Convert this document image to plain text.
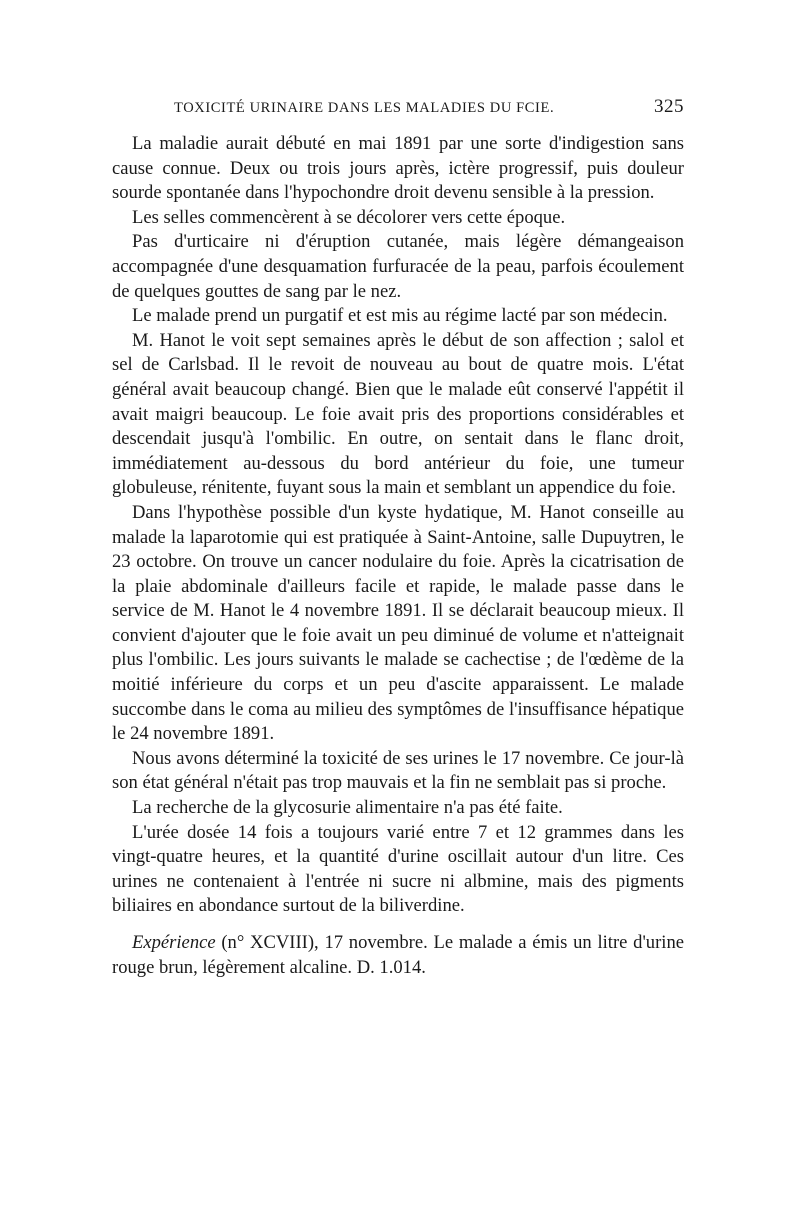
TOXICITÉ URINAIRE DANS LES MALADIES DU FCIE.	325

La maladie aurait débuté en mai 1891 par une sorte d'indigestion sans cause connue. Deux ou trois jours après, ictère progressif, puis douleur sourde spontanée dans l'hypochondre droit devenu sensible à la pression.

Les selles commencèrent à se décolorer vers cette époque.

Pas d'urticaire ni d'éruption cutanée, mais légère démangeaison accompagnée d'une desquamation furfuracée de la peau, parfois écoulement de quelques gouttes de sang par le nez.

Le malade prend un purgatif et est mis au régime lacté par son médecin.

M. Hanot le voit sept semaines après le début de son affection ; salol et sel de Carlsbad. Il le revoit de nouveau au bout de quatre mois. L'état général avait beaucoup changé. Bien que le malade eût conservé l'appétit il avait maigri beaucoup. Le foie avait pris des proportions considérables et descendait jusqu'à l'ombilic. En outre, on sentait dans le flanc droit, immédiatement au-dessous du bord antérieur du foie, une tumeur globuleuse, rénitente, fuyant sous la main et semblant un appendice du foie.

Dans l'hypothèse possible d'un kyste hydatique, M. Hanot conseille au malade la laparotomie qui est pratiquée à Saint-Antoine, salle Dupuytren, le 23 octobre. On trouve un cancer nodulaire du foie. Après la cicatrisation de la plaie abdominale d'ailleurs facile et rapide, le malade passe dans le service de M. Hanot le 4 novembre 1891. Il se déclarait beaucoup mieux. Il convient d'ajouter que le foie avait un peu diminué de volume et n'atteignait plus l'ombilic. Les jours suivants le malade se cachectise ; de l'œdème de la moitié inférieure du corps et un peu d'ascite apparaissent. Le malade succombe dans le coma au milieu des symptômes de l'insuffisance hépatique le 24 novembre 1891.

Nous avons déterminé la toxicité de ses urines le 17 novembre. Ce jour-là son état général n'était pas trop mauvais et la fin ne semblait pas si proche.

La recherche de la glycosurie alimentaire n'a pas été faite.

L'urée dosée 14 fois a toujours varié entre 7 et 12 grammes dans les vingt-quatre heures, et la quantité d'urine oscillait autour d'un litre. Ces urines ne contenaient à l'entrée ni sucre ni albmine, mais des pigments biliaires en abondance surtout de la biliverdine.

Expérience (n° XCVIII), 17 novembre. Le malade a émis un litre d'urine rouge brun, légèrement alcaline. D. 1.014.
